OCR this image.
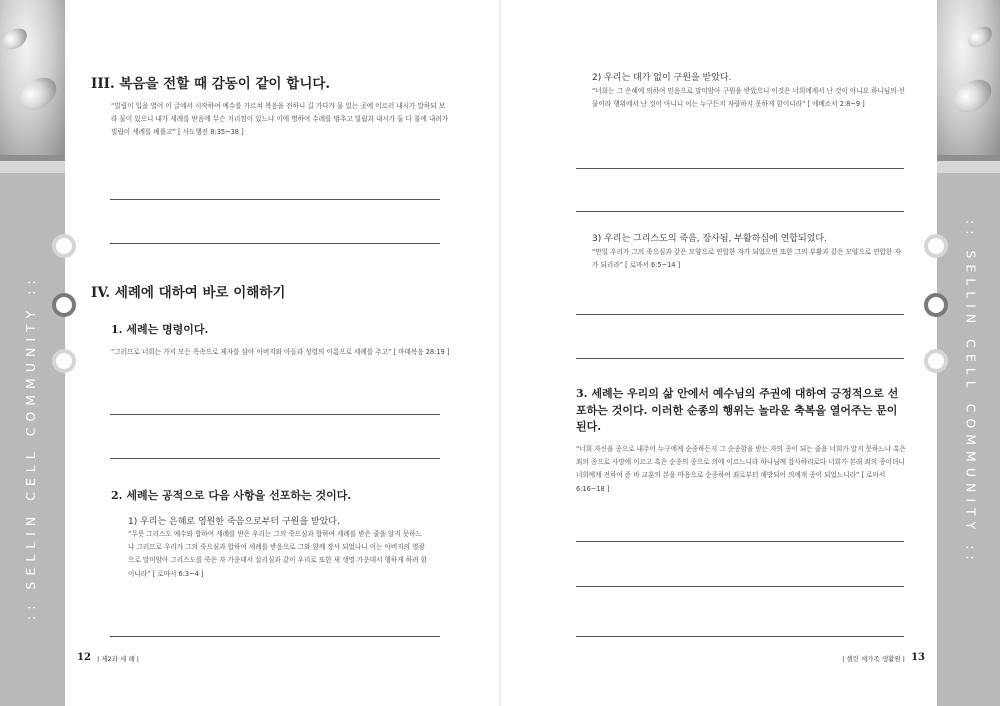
:: SELLIN CELL COMMUNITY ::	:: SELLIN CELL COMMUNITY ::
III. 복음을 전할 때 감동이 같이 합니다.
“빌립이 입을 열어 이 글에서 시작하여 예수를 가르쳐 복음을 전하니 길 가다가 물 있는 곳에 이르러 내시가 말하되 보라 물이 있으니 내가 세례를 받음에 무슨 거리낌이 있느냐 이에 명하여 수레를 멈추고 빌립과 내시가 둘 다 물에 내려가 빌립이 세례를 베풀고” [ 사도행전 8:35~38 ]
IV. 세례에 대하여 바로 이해하기
1. 세례는 명령이다.
“그러므로 너희는 가서 모든 족속으로 제자를 삼아 아버지와 아들과 성령의 이름으로 세례를 주고” [ 마태복음 28:19 ]
2. 세례는 공적으로 다음 사항을 선포하는 것이다.
1) 우리는 은혜로 영원한 죽음으로부터 구원을 받았다.
“무릇 그리스도 예수와 합하여 세례를 받은 우리는 그의 죽으심과 합하여 세례를 받은 줄을 알지 못하느냐 그러므로 우리가 그의 죽으심과 합하여 세례를 받음으로 그와 함께 장사 되었나니 이는 아버지의 영광으로 말미암아 그리스도를 죽은 자 가운데서 살리심과 같이 우리로 또한 새 생명 가운데서 행하게 하려 함이니라” [ 로마서 6:3~4 ]
12 | 제2과 세 례 |
2) 우리는 대가 없이 구원을 받았다.
“너희는 그 은혜에 의하여 믿음으로 말미암아 구원을 받았으니 이것은 너희에게서 난 것이 아니요 하나님의 선물이라 행위에서 난 것이 아니니 이는 누구든지 자랑하지 못하게 함이니라” [ 에베소서 2:8~9 ]
3) 우리는 그리스도의 죽음, 장사됨, 부활하심에 연합되었다.
“만일 우리가 그의 죽으심과 같은 모양으로 연합한 자가 되었으면 또한 그의 부활과 같은 모양으로 연합한 자가 되리라” [ 로마서 6:5~14 ]
3. 세례는 우리의 삶 안에서 예수님의 주권에 대하여 긍정적으로 선포하는 것이다. 이러한 순종의 행위는 놀라운 축복을 열어주는 문이 된다.
“너희 자신을 종으로 내주어 누구에게 순종하든지 그 순종함을 받는 자의 종이 되는 줄을 너희가 알지 못하느냐 혹은 죄의 종으로 사망에 이르고 혹은 순종의 종으로 의에 이르느니라 하나님께 감사하리로다 너희가 본래 죄의 종이더니 너희에게 전하여 준 바 교훈의 본을 마음으로 순종하여 죄로부터 해방되어 의에게 종이 되었느니라” [ 로마서 6:16~18 ]
| 셀린 세가족 생활원 | 13
